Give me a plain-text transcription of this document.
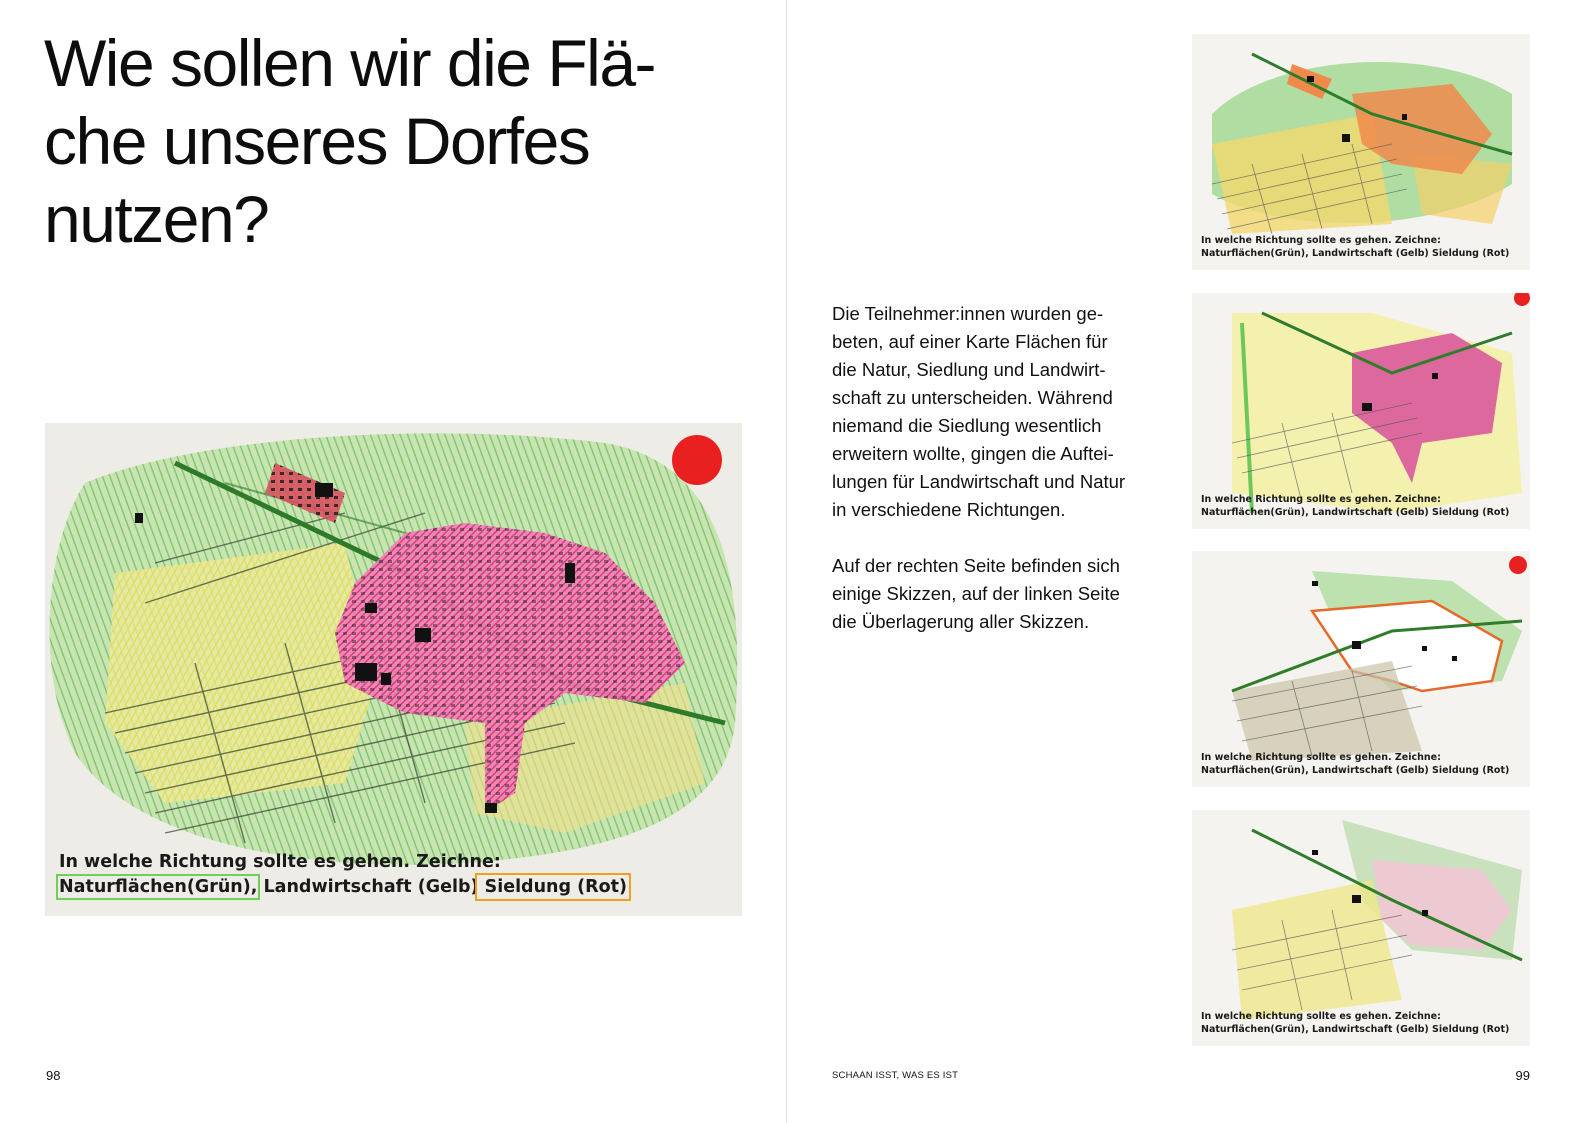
Wie sollen wir die Flä-
che unseres Dorfes
nutzen?
In welche Richtung sollte es gehen. Zeichne:
Naturflächen(Grün), Landwirtschaft (Gelb) Sieldung (Rot)
98

Die Teilnehmer:innen wurden ge-
beten, auf einer Karte Flächen für
die Natur, Siedlung und Landwirt-
schaft zu unterscheiden. Während
niemand die Siedlung wesentlich
erweitern wollte, gingen die Auftei-
lungen für Landwirtschaft und Natur
in verschiedene Richtungen.

Auf der rechten Seite befinden sich
einige Skizzen, auf der linken Seite
die Überlagerung aller Skizzen.

In welche Richtung sollte es gehen. Zeichne:
Naturflächen(Grün), Landwirtschaft (Gelb) Sieldung (Rot)
In welche Richtung sollte es gehen. Zeichne:
Naturflächen(Grün), Landwirtschaft (Gelb) Sieldung (Rot)
In welche Richtung sollte es gehen. Zeichne:
Naturflächen(Grün), Landwirtschaft (Gelb) Sieldung (Rot)
In welche Richtung sollte es gehen. Zeichne:
Naturflächen(Grün), Landwirtschaft (Gelb) Sieldung (Rot)
SCHAAN ISST, WAS ES IST	99
